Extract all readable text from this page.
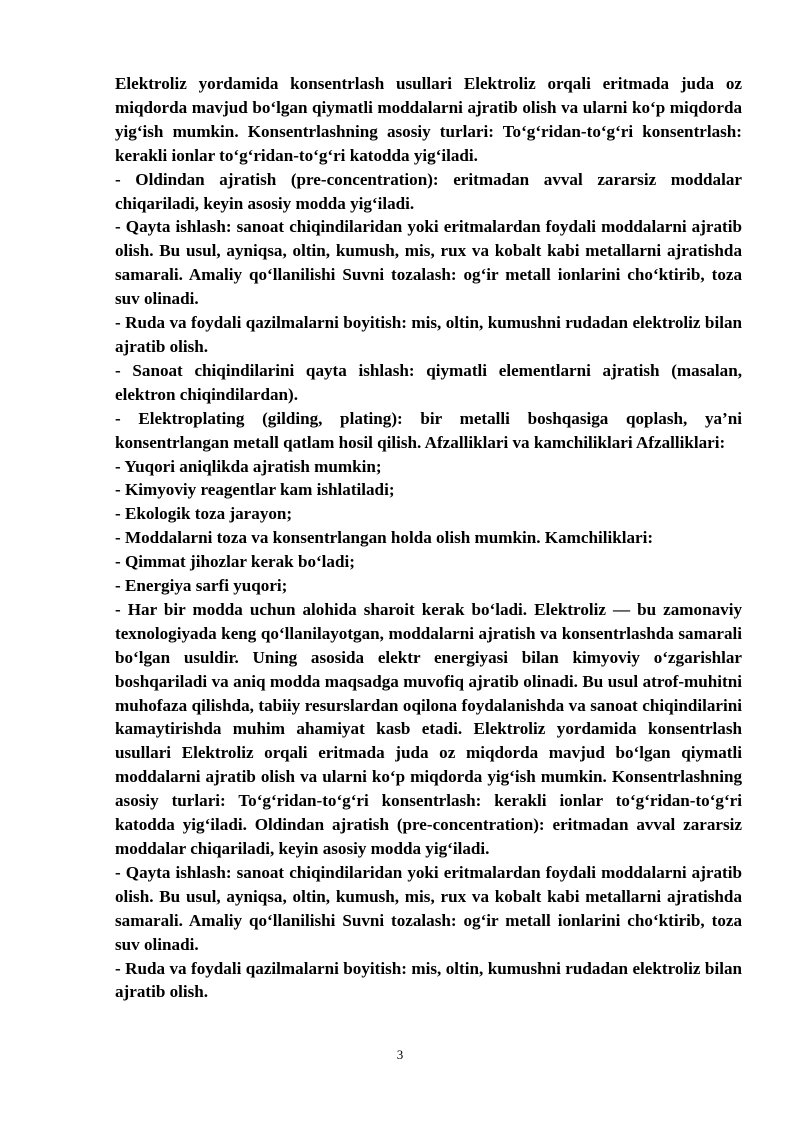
Elektroliz yordamida konsentrlash usullari Elektroliz orqali eritmada juda oz miqdorda mavjud bo‘lgan qiymatli moddalarni ajratib olish va ularni ko‘p miqdorda yig‘ish mumkin. Konsentrlashning asosiy turlari: To‘g‘ridan-to‘g‘ri konsentrlash: kerakli ionlar to‘g‘ridan-to‘g‘ri katodda yig‘iladi.

- Oldindan ajratish (pre-concentration): eritmadan avval zararsiz moddalar chiqariladi, keyin asosiy modda yig‘iladi.

- Qayta ishlash: sanoat chiqindilaridan yoki eritmalardan foydali moddalarni ajratib olish. Bu usul, ayniqsa, oltin, kumush, mis, rux va kobalt kabi metallarni ajratishda samarali. Amaliy qo‘llanilishi Suvni tozalash: og‘ir metall ionlarini cho‘ktirib, toza suv olinadi.

- Ruda va foydali qazilmalarni boyitish: mis, oltin, kumushni rudadan elektroliz bilan ajratib olish.

- Sanoat chiqindilarini qayta ishlash: qiymatli elementlarni ajratish (masalan, elektron chiqindilardan).

- Elektroplating (gilding, plating): bir metalli boshqasiga qoplash, ya’ni konsentrlangan metall qatlam hosil qilish. Afzalliklari va kamchiliklari Afzalliklari:

- Yuqori aniqlikda ajratish mumkin;

- Kimyoviy reagentlar kam ishlatiladi;

- Ekologik toza jarayon;

- Moddalarni toza va konsentrlangan holda olish mumkin. Kamchiliklari:

- Qimmat jihozlar kerak bo‘ladi;

- Energiya sarfi yuqori;

- Har bir modda uchun alohida sharoit kerak bo‘ladi. Elektroliz — bu zamonaviy texnologiyada keng qo‘llanilayotgan, moddalarni ajratish va konsentrlashda samarali bo‘lgan usuldir. Uning asosida elektr energiyasi bilan kimyoviy o‘zgarishlar boshqariladi va aniq modda maqsadga muvofiq ajratib olinadi. Bu usul atrof-muhitni muhofaza qilishda, tabiiy resurslardan oqilona foydalanishda va sanoat chiqindilarini kamaytirishda muhim ahamiyat kasb etadi. Elektroliz yordamida konsentrlash usullari Elektroliz orqali eritmada juda oz miqdorda mavjud bo‘lgan qiymatli moddalarni ajratib olish va ularni ko‘p miqdorda yig‘ish mumkin. Konsentrlashning asosiy turlari: To‘g‘ridan-to‘g‘ri konsentrlash: kerakli ionlar to‘g‘ridan-to‘g‘ri katodda yig‘iladi. Oldindan ajratish (pre-concentration): eritmadan avval zararsiz moddalar chiqariladi, keyin asosiy modda yig‘iladi.

- Qayta ishlash: sanoat chiqindilaridan yoki eritmalardan foydali moddalarni ajratib olish. Bu usul, ayniqsa, oltin, kumush, mis, rux va kobalt kabi metallarni ajratishda samarali. Amaliy qo‘llanilishi Suvni tozalash: og‘ir metall ionlarini cho‘ktirib, toza suv olinadi.

- Ruda va foydali qazilmalarni boyitish: mis, oltin, kumushni rudadan elektroliz bilan ajratib olish.

3
